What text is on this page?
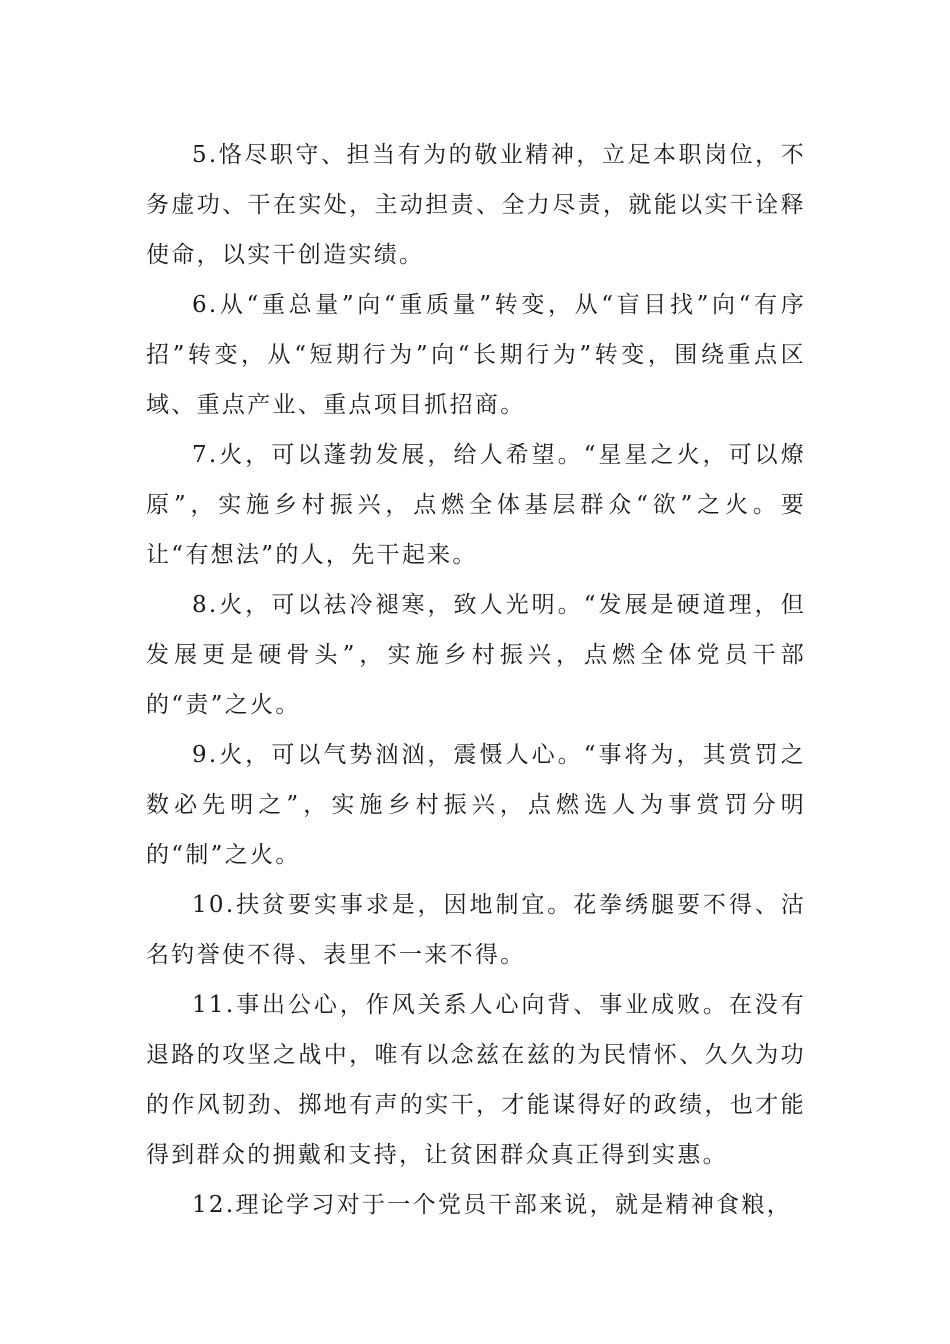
5.恪尽职守、担当有为的敬业精神，立足本职岗位，不务虚功、干在实处，主动担责、全力尽责，就能以实干诠释使命，以实干创造实绩。

6.从“重总量”向“重质量”转变，从“盲目找”向“有序招”转变，从“短期行为”向“长期行为”转变，围绕重点区域、重点产业、重点项目抓招商。

7.火，可以蓬勃发展，给人希望。“星星之火，可以燎原”，实施乡村振兴，点燃全体基层群众“欲”之火。要让“有想法”的人，先干起来。

8.火，可以祛冷褪寒，致人光明。“发展是硬道理，但发展更是硬骨头”，实施乡村振兴，点燃全体党员干部的“责”之火。

9.火，可以气势汹汹，震慑人心。“事将为，其赏罚之数必先明之”，实施乡村振兴，点燃选人为事赏罚分明的“制”之火。

10.扶贫要实事求是，因地制宜。花拳绣腿要不得、沽名钓誉使不得、表里不一来不得。

11.事出公心，作风关系人心向背、事业成败。在没有退路的攻坚之战中，唯有以念兹在兹的为民情怀、久久为功的作风韧劲、掷地有声的实干，才能谋得好的政绩，也才能得到群众的拥戴和支持，让贫困群众真正得到实惠。

12.理论学习对于一个党员干部来说，就是精神食粮，
